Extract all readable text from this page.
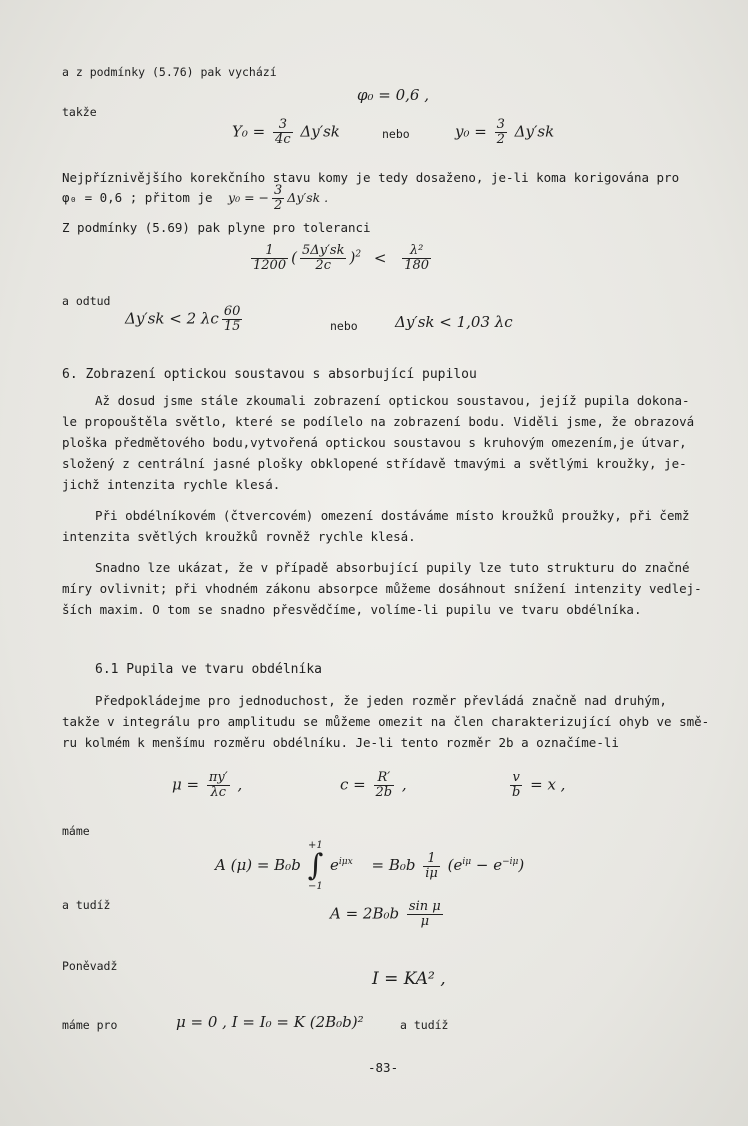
a z podmínky (5.76) pak vychází
φ₀ = 0,6 ,
takže
$Y_0 = \frac{3}{4c} \Delta y'sk$	nebo	$y_0 = \frac{3}{2} \Delta y'sk$
Nejpříznivějšího korekčního stavu komy je tedy dosaženo, je-li koma korigována pro
φ₀ = 0,6 ; přitom je y₀ = − $\frac{3}{2} \Delta y'sk$ .
Z podmínky (5.69) pak plyne pro toleranci
$\frac{1}{1200}$ ( $\frac{5\Delta y'sk}{2c} )^2 < \frac{\text{λ²}}{180}$
a odtud
Δy′sk < 2 λc $\frac{60}{15}$	nebo Δy′sk < 1,03 λc
6. Zobrazení optickou soustavou s absorbující pupilou
Až dosud jsme stále zkoumali zobrazení optickou soustavou, jejíž pupila dokona-
le propouštěla světlo, které se podílelo na zobrazení bodu. Viděli jsme, že obrazová
ploška předmětového bodu,vytvořená optickou soustavou s kruhovým omezením,je útvar,
složený z centrální jasné plošky obklopené střídavě tmavými a světlými kroužky, je-
jichž intenzita rychle klesá.
Při obdélníkovém (čtvercovém) omezení dostáváme místo kroužků proužky, při čemž
intenzita světlých kroužků rovněž rychle klesá.
Snadno lze ukázat, že v případě absorbující pupily lze tuto strukturu do značné
míry ovlivnit; při vhodném zákonu absorpce můžeme dosáhnout snížení intenzity vedlej-
ších maxim. O tom se snadno přesvědčíme, volíme-li pupilu ve tvaru obdélníka.
6.1 Pupila ve tvaru obdélníka
Předpokládejme pro jednoduchost, že jeden rozměr převládá značně nad druhým,
takže v integrálu pro amplitudu se můžeme omezit na člen charakterizující ohyb ve smě-
ru kolmém k menšímu rozměru obdélníku. Je-li tento rozměr 2b a označíme-li
$\mu = \frac{\pi y'}{\lambda c}$ ,	$c = \frac{R'}{2b}$ ,	$\frac{v}{b} = x$ ,
máme
A (μ) = B₀b
+1
∫
−1
$e^{i\mu x} = B_0b \frac{1}{i\mu} (e^{i\mu} - e^{-i\mu})$
a tudíž	$A = 2B_0b \frac{\text{sin μ}}{\mu}$
Poněvadž
I = KA² ,
máme pro	μ = 0 , I = I₀ = K (2B₀b)²	a tudíž
-83-
